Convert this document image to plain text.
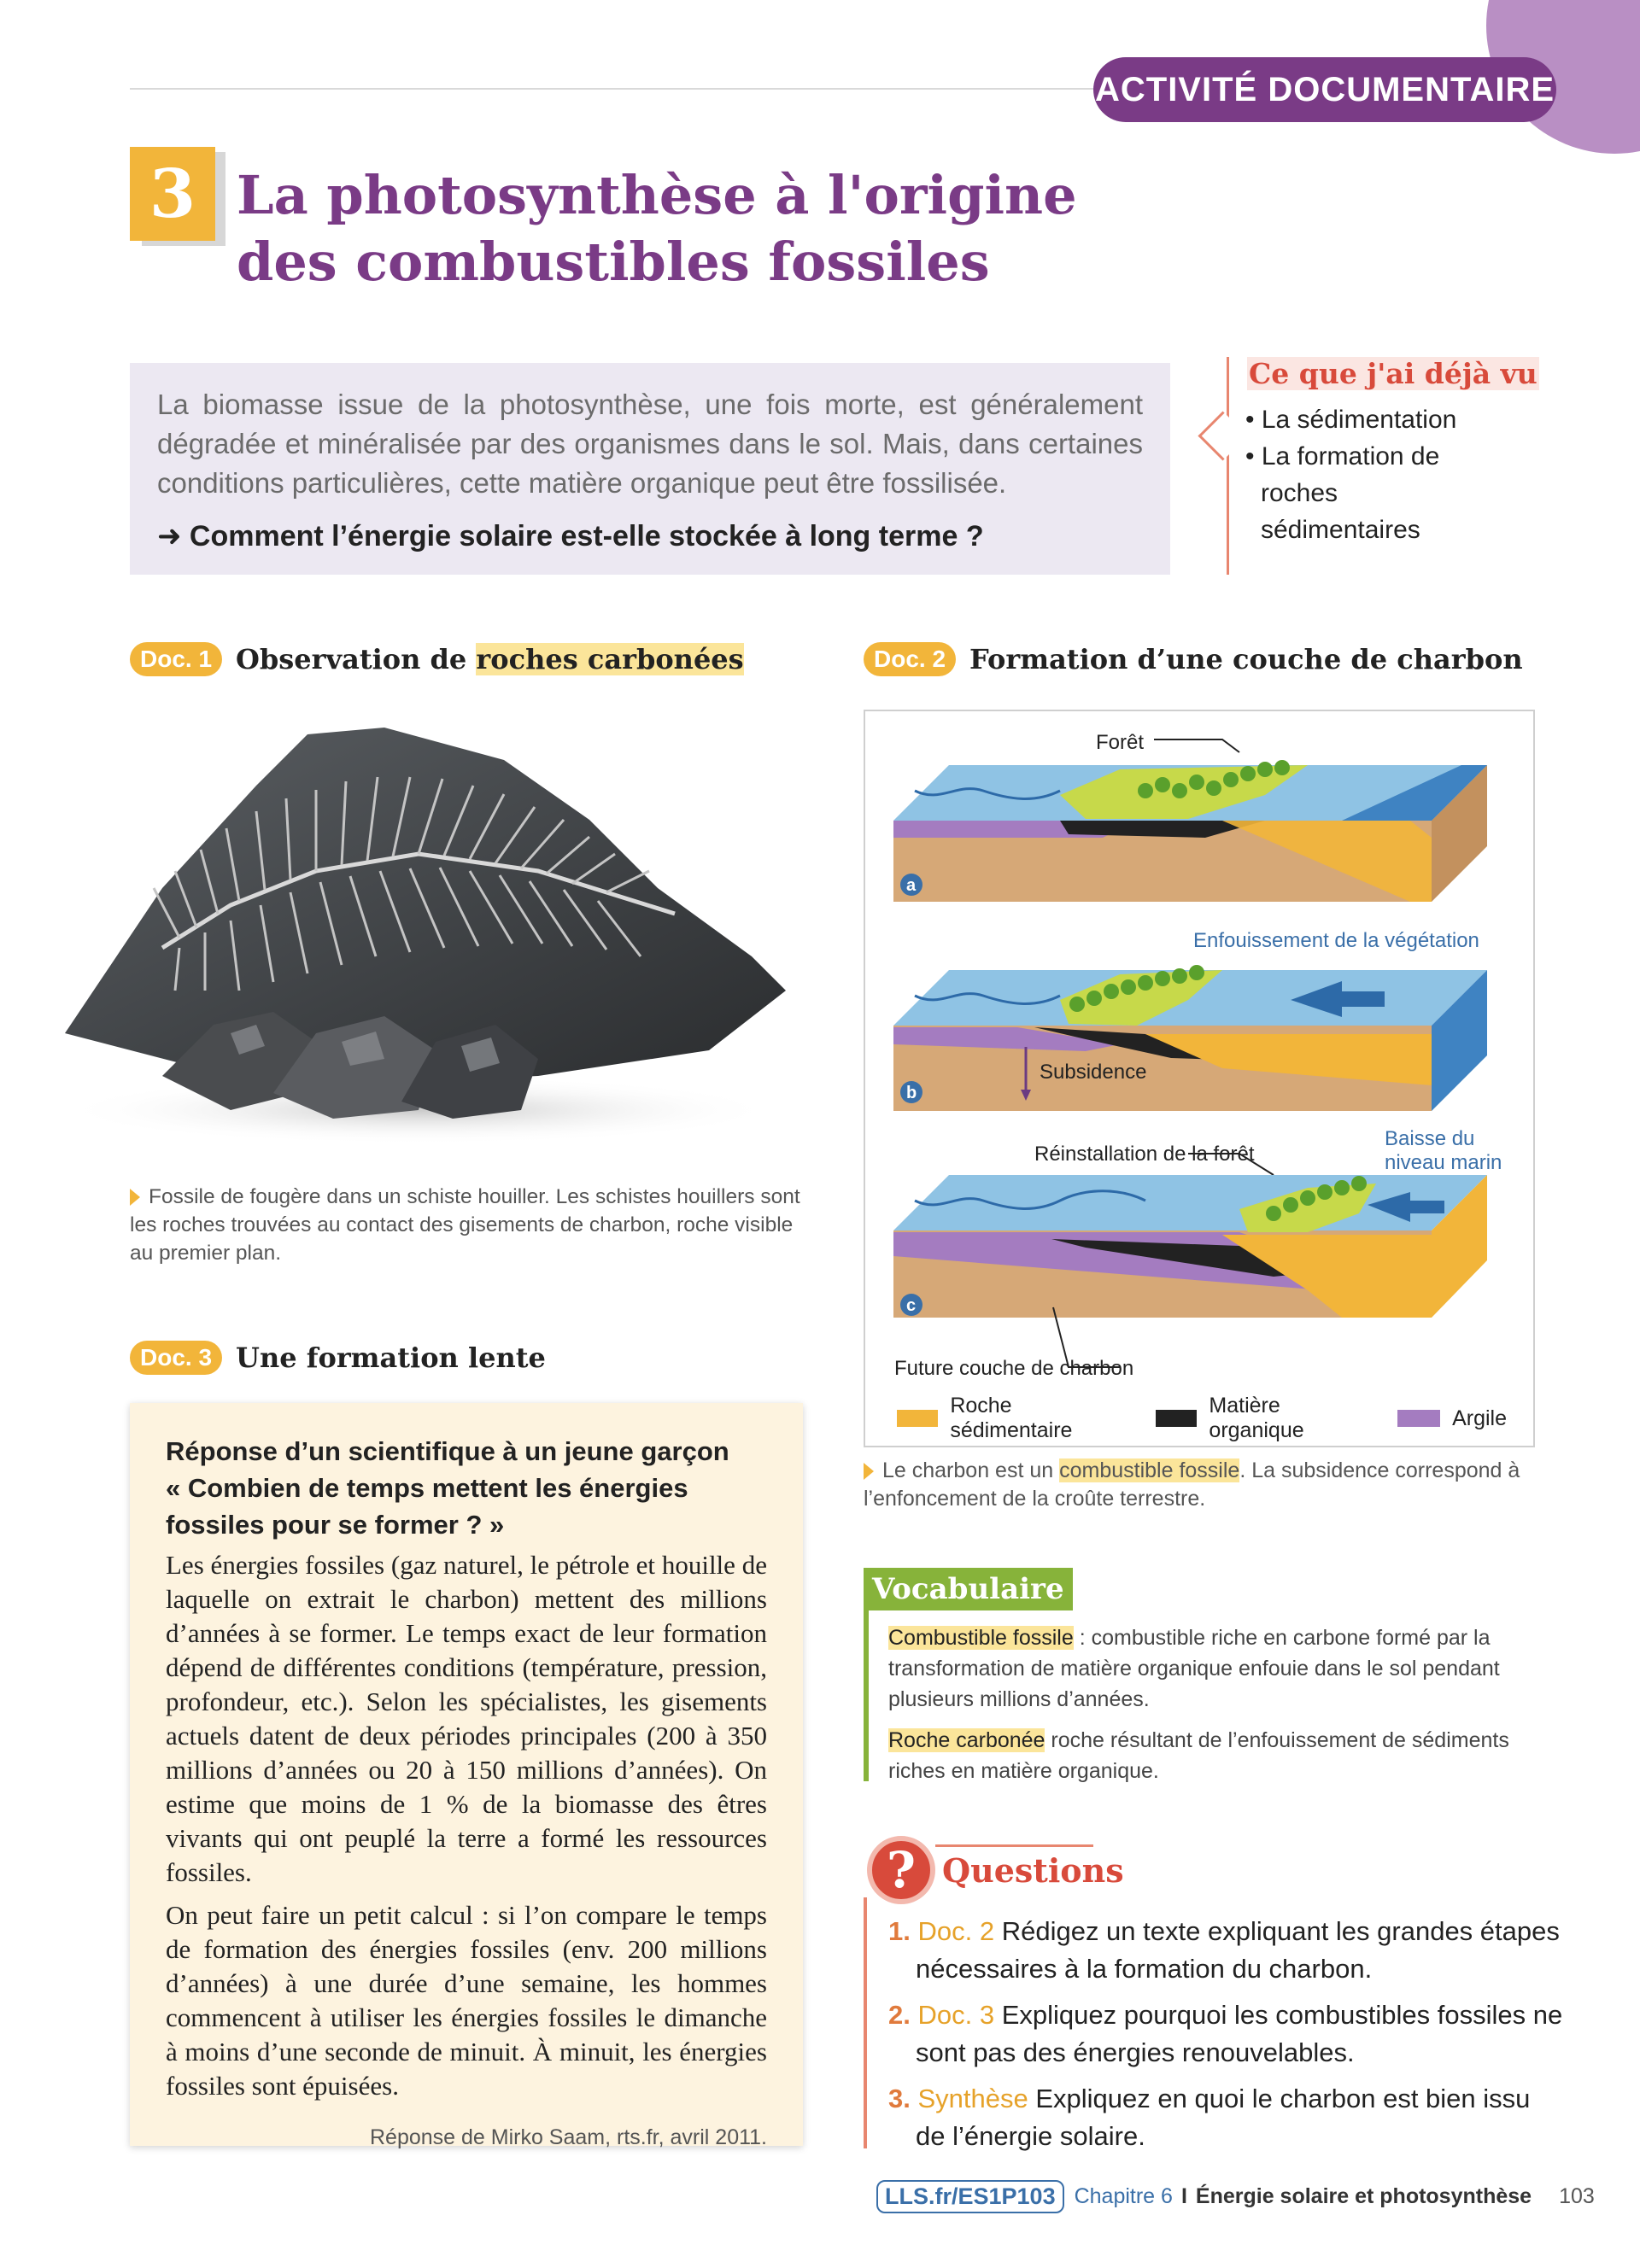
ACTIVITÉ DOCUMENTAIRE
3 La photosynthèse à l'origine
des combustibles fossiles
La biomasse issue de la photosynthèse, une fois morte, est généralement dégradée et minéralisée par des organismes dans le sol. Mais, dans certaines conditions particulières, cette matière organique peut être fossilisée.
➜ Comment l’énergie solaire est-elle stockée à long terme ?
Ce que j'ai déjà vu
• La sédimentation
• La formation de roches sédimentaires
Doc. 1 Observation de roches carbonées
Fossile de fougère dans un schiste houiller. Les schistes houillers sont les roches trouvées au contact des gisements de charbon, roche visible au premier plan.
Doc. 2 Formation d’une couche de charbon
Forêt
a
Enfouissement de la végétation
Subsidence
b
Réinstallation de la forêt
Baisse du
niveau marin
c
Future couche de charbon
Roche sédimentaire
Matière organique
Argile
Le charbon est un combustible fossile. La subsidence correspond à l’enfoncement de la croûte terrestre.
Doc. 3 Une formation lente
Réponse d’un scientifique à un jeune garçon
« Combien de temps mettent les énergies fossiles pour se former ? »

Les énergies fossiles (gaz naturel, le pétrole et houille de laquelle on extrait le charbon) mettent des millions d’années à se former. Le temps exact de leur formation dépend de différentes conditions (température, pression, profondeur, etc.). Selon les spécialistes, les gisements actuels datent de deux périodes principales (200 à 350 millions d’années ou 20 à 150 millions d’années). On estime que moins de 1 % de la biomasse des êtres vivants qui ont peuplé la terre a formé les ressources fossiles.

On peut faire un petit calcul : si l’on compare le temps de formation des énergies fossiles (env. 200 millions d’années) à une durée d’une semaine, les hommes commencent à utiliser les énergies fossiles le dimanche à moins d’une seconde de minuit. À minuit, les énergies fossiles sont épuisées.

Réponse de Mirko Saam, rts.fr, avril 2011.
Vocabulaire

Combustible fossile : combustible riche en carbone formé par la transformation de matière organique enfouie dans le sol pendant plusieurs millions d’années.

Roche carbonée roche résultant de l’enfouissement de sédiments riches en matière organique.

? Questions
1. Doc. 2 Rédigez un texte expliquant les grandes étapes nécessaires à la formation du charbon.
2. Doc. 3 Expliquez pourquoi les combustibles fossiles ne sont pas des énergies renouvelables.
3. Synthèse Expliquez en quoi le charbon est bien issu de l’énergie solaire.
LLS.fr/ES1P103 Chapitre 6 I Énergie solaire et photosynthèse 103
